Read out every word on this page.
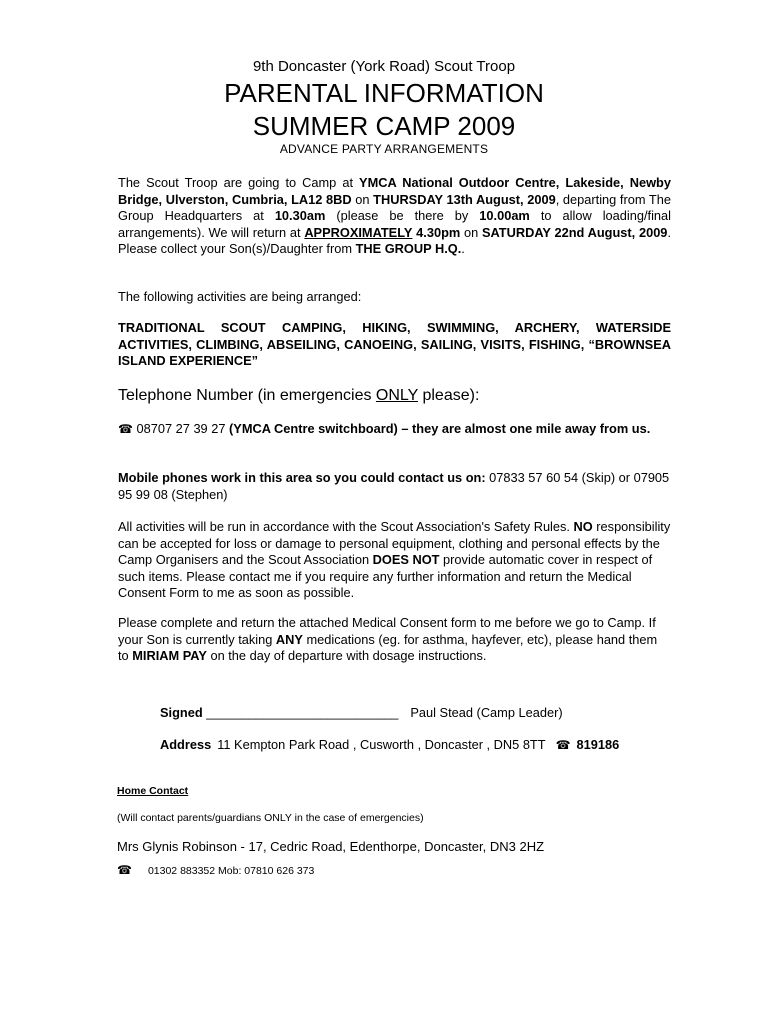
9th Doncaster (York Road) Scout Troop
PARENTAL INFORMATION
SUMMER CAMP 2009
ADVANCE PARTY ARRANGEMENTS

The Scout Troop are going to Camp at YMCA National Outdoor Centre, Lakeside, Newby Bridge, Ulverston, Cumbria, LA12 8BD on THURSDAY 13th August, 2009, departing from The Group Headquarters at 10.30am (please be there by 10.00am to allow loading/final arrangements). We will return at APPROXIMATELY 4.30pm on SATURDAY 22nd August, 2009. Please collect your Son(s)/Daughter from THE GROUP H.Q..

The following activities are being arranged:

TRADITIONAL SCOUT CAMPING, HIKING, SWIMMING, ARCHERY, WATERSIDE ACTIVITIES, CLIMBING, ABSEILING, CANOEING, SAILING, VISITS, FISHING, “BROWNSEA ISLAND EXPERIENCE”

Telephone Number (in emergencies ONLY please):

☎ 08707 27 39 27 (YMCA Centre switchboard) – they are almost one mile away from us.

Mobile phones work in this area so you could contact us on: 07833 57 60 54 (Skip) or 07905 95 99 08 (Stephen)

All activities will be run in accordance with the Scout Association's Safety Rules. NO responsibility can be accepted for loss or damage to personal equipment, clothing and personal effects by the Camp Organisers and the Scout Association DOES NOT provide automatic cover in respect of such items. Please contact me if you require any further information and return the Medical Consent Form to me as soon as possible.

Please complete and return the attached Medical Consent form to me before we go to Camp. If your Son is currently taking ANY medications (eg. for asthma, hayfever, etc), please hand them to MIRIAM PAY on the day of departure with dosage instructions.

Signed ___________________________ Paul Stead (Camp Leader)

Address 11 Kempton Park Road , Cusworth , Doncaster , DN5 8TT ☎ 819186

Home Contact

(Will contact parents/guardians ONLY in the case of emergencies)

Mrs Glynis Robinson - 17, Cedric Road, Edenthorpe, Doncaster, DN3 2HZ

☎ 01302 883352 Mob: 07810 626 373
